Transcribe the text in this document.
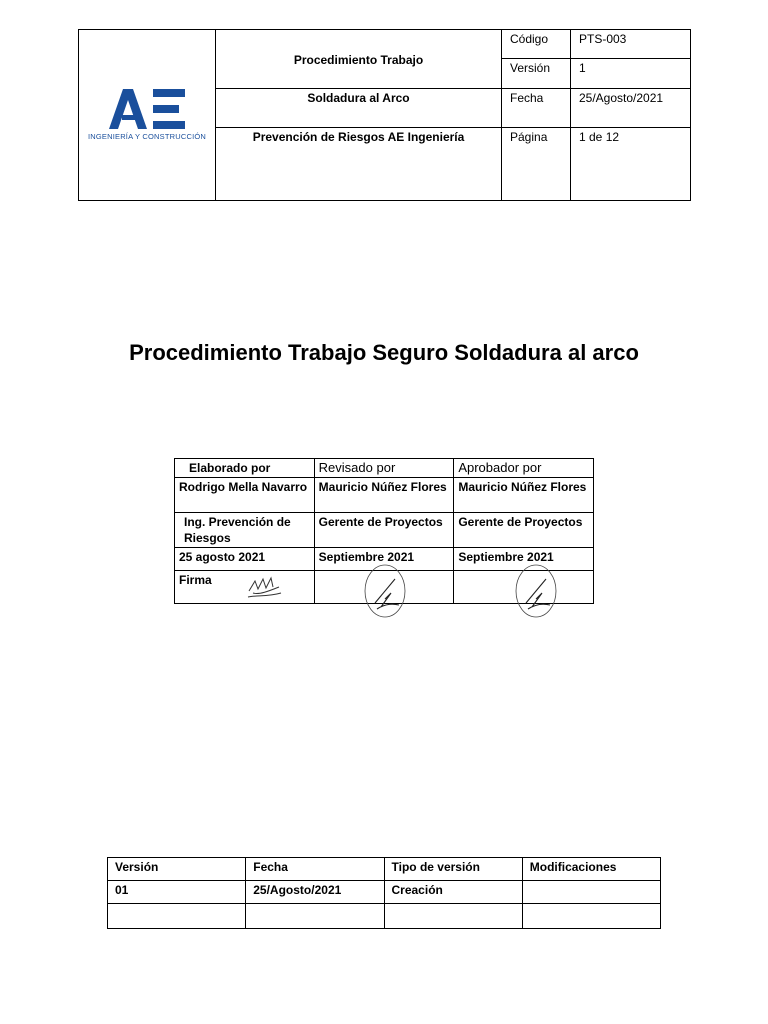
INGENIERÍA Y CONSTRUCCIÓN	Procedimiento Trabajo	Código	PTS-003
		Versión	1
	Soldadura al Arco	Fecha	25/Agosto/2021
	Prevención de Riesgos AE Ingeniería	Página	1 de 12
Procedimiento Trabajo Seguro Soldadura al arco
Elaborado por	Revisado por	Aprobador por
Rodrigo Mella Navarro	Mauricio Núñez Flores	Mauricio Núñez Flores
Ing. Prevención de Riesgos	Gerente de Proyectos	Gerente de Proyectos
25 agosto 2021	Septiembre 2021	Septiembre 2021
Firma

Versión	Fecha	Tipo de versión	Modificaciones
01	25/Agosto/2021	Creación	
